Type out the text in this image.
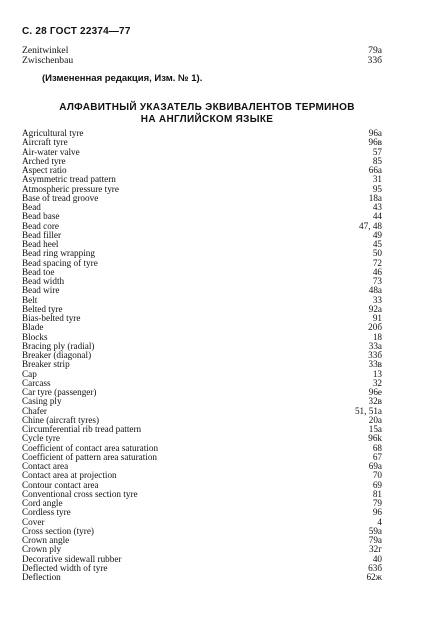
С. 28 ГОСТ 22374—77
Zenitwinkel	79а
Zwischenbau	33б
(Измененная редакция, Изм. № 1).
АЛФАВИТНЫЙ УКАЗАТЕЛЬ ЭКВИВАЛЕНТОВ ТЕРМИНОВ
НА АНГЛИЙСКОМ ЯЗЫКЕ
Agricultural tyre	96а
Aircraft tyre	96в
Air-water valve	57
Arched tyre	85
Aspect ratio	66а
Asymmetric tread pattern	31
Atmospheric pressure tyre	95
Base of tread groove	18а
Bead	43
Bead base	44
Bead core	47, 48
Bead filler	49
Bead heel	45
Bead ring wrapping	50
Bead spacing of tyre	72
Bead toe	46
Bead width	73
Bead wire	48а
Belt	33
Belted tyre	92а
Bias-belted tyre	91
Blade	20б
Blocks	18
Bracing ply (radial)	33а
Breaker (diagonal)	33б
Breaker strip	33в
Cap	13
Carcass	32
Car tyre (passenger)	96е
Casing ply	32в
Chafer	51, 51а
Chine (aircraft tyres)	20а
Circumferential rib tread pattern	15а
Cycle tyre	96k
Coefficient of contact area saturation	68
Coefficient of pattern area saturation	67
Contact area	69а
Contact area at projection	70
Contour contact area	69
Conventional cross section tyre	81
Cord angle	79
Cordless tyre	96
Cover	4
Cross section (tyre)	59а
Crown angle	79а
Crown ply	32г
Decorative sidewall rubber	40
Deflected width of tyre	63б
Deflection	62ж
